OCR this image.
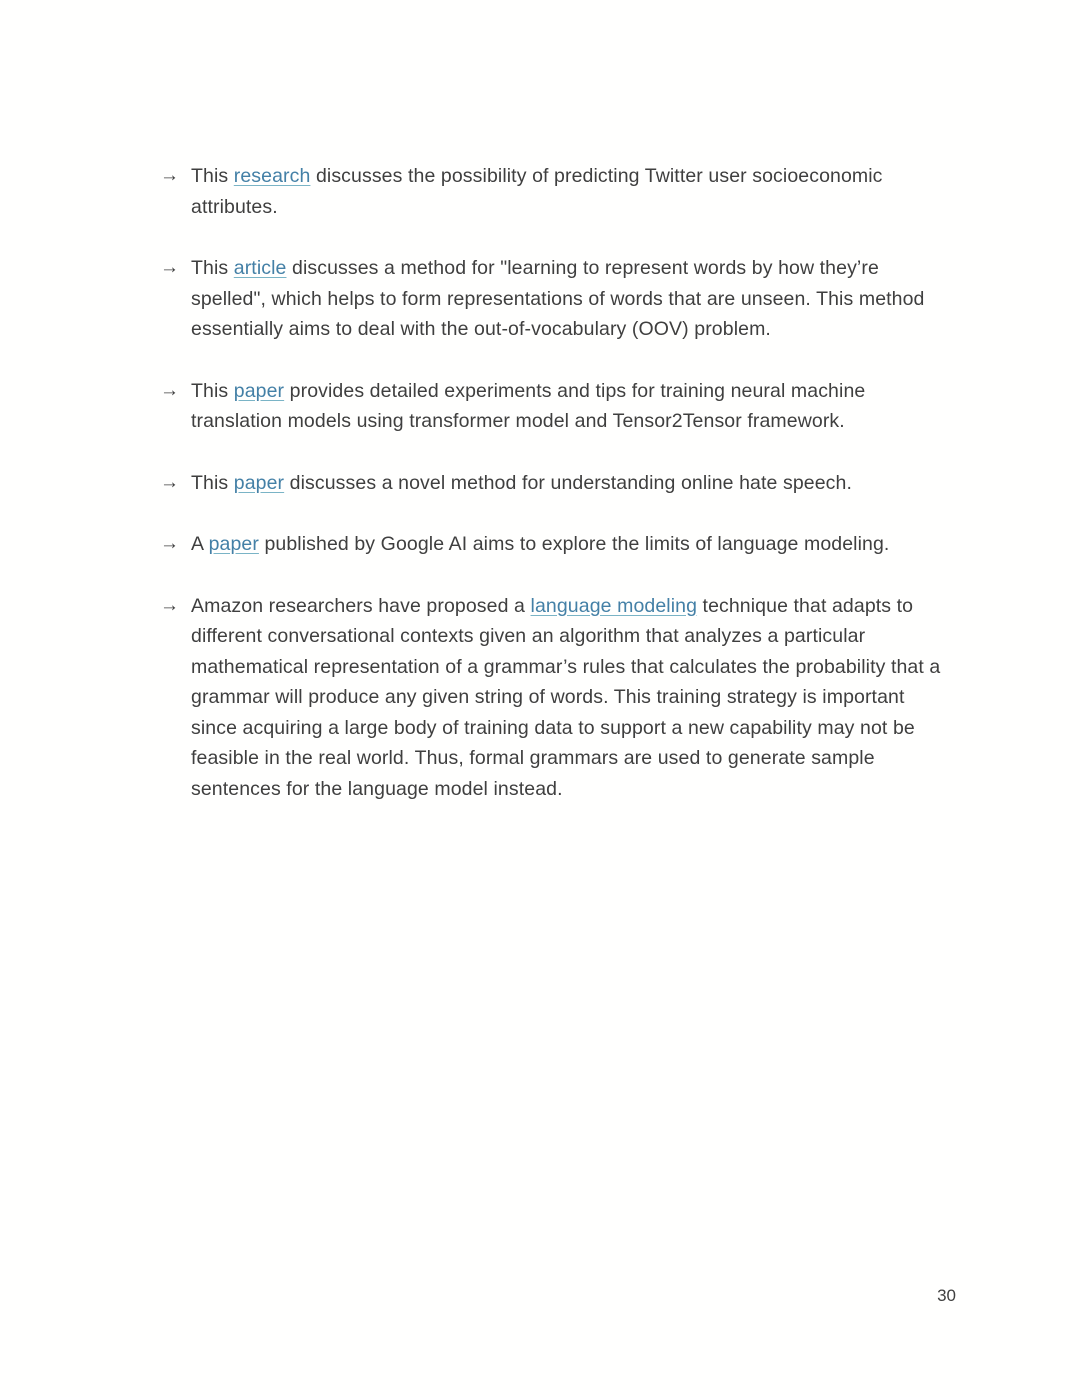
→ This research discusses the possibility of predicting Twitter user socioeconomic attributes.
→ This article discusses a method for "learning to represent words by how they’re spelled", which helps to form representations of words that are unseen. This method essentially aims to deal with the out-of-vocabulary (OOV) problem.
→ This paper provides detailed experiments and tips for training neural machine translation models using transformer model and Tensor2Tensor framework.
→ This paper discusses a novel method for understanding online hate speech.
→ A paper published by Google AI aims to explore the limits of language modeling.
→ Amazon researchers have proposed a language modeling technique that adapts to different conversational contexts given an algorithm that analyzes a particular mathematical representation of a grammar’s rules that calculates the probability that a grammar will produce any given string of words. This training strategy is important since acquiring a large body of training data to support a new capability may not be feasible in the real world. Thus, formal grammars are used to generate sample sentences for the language model instead.
30
